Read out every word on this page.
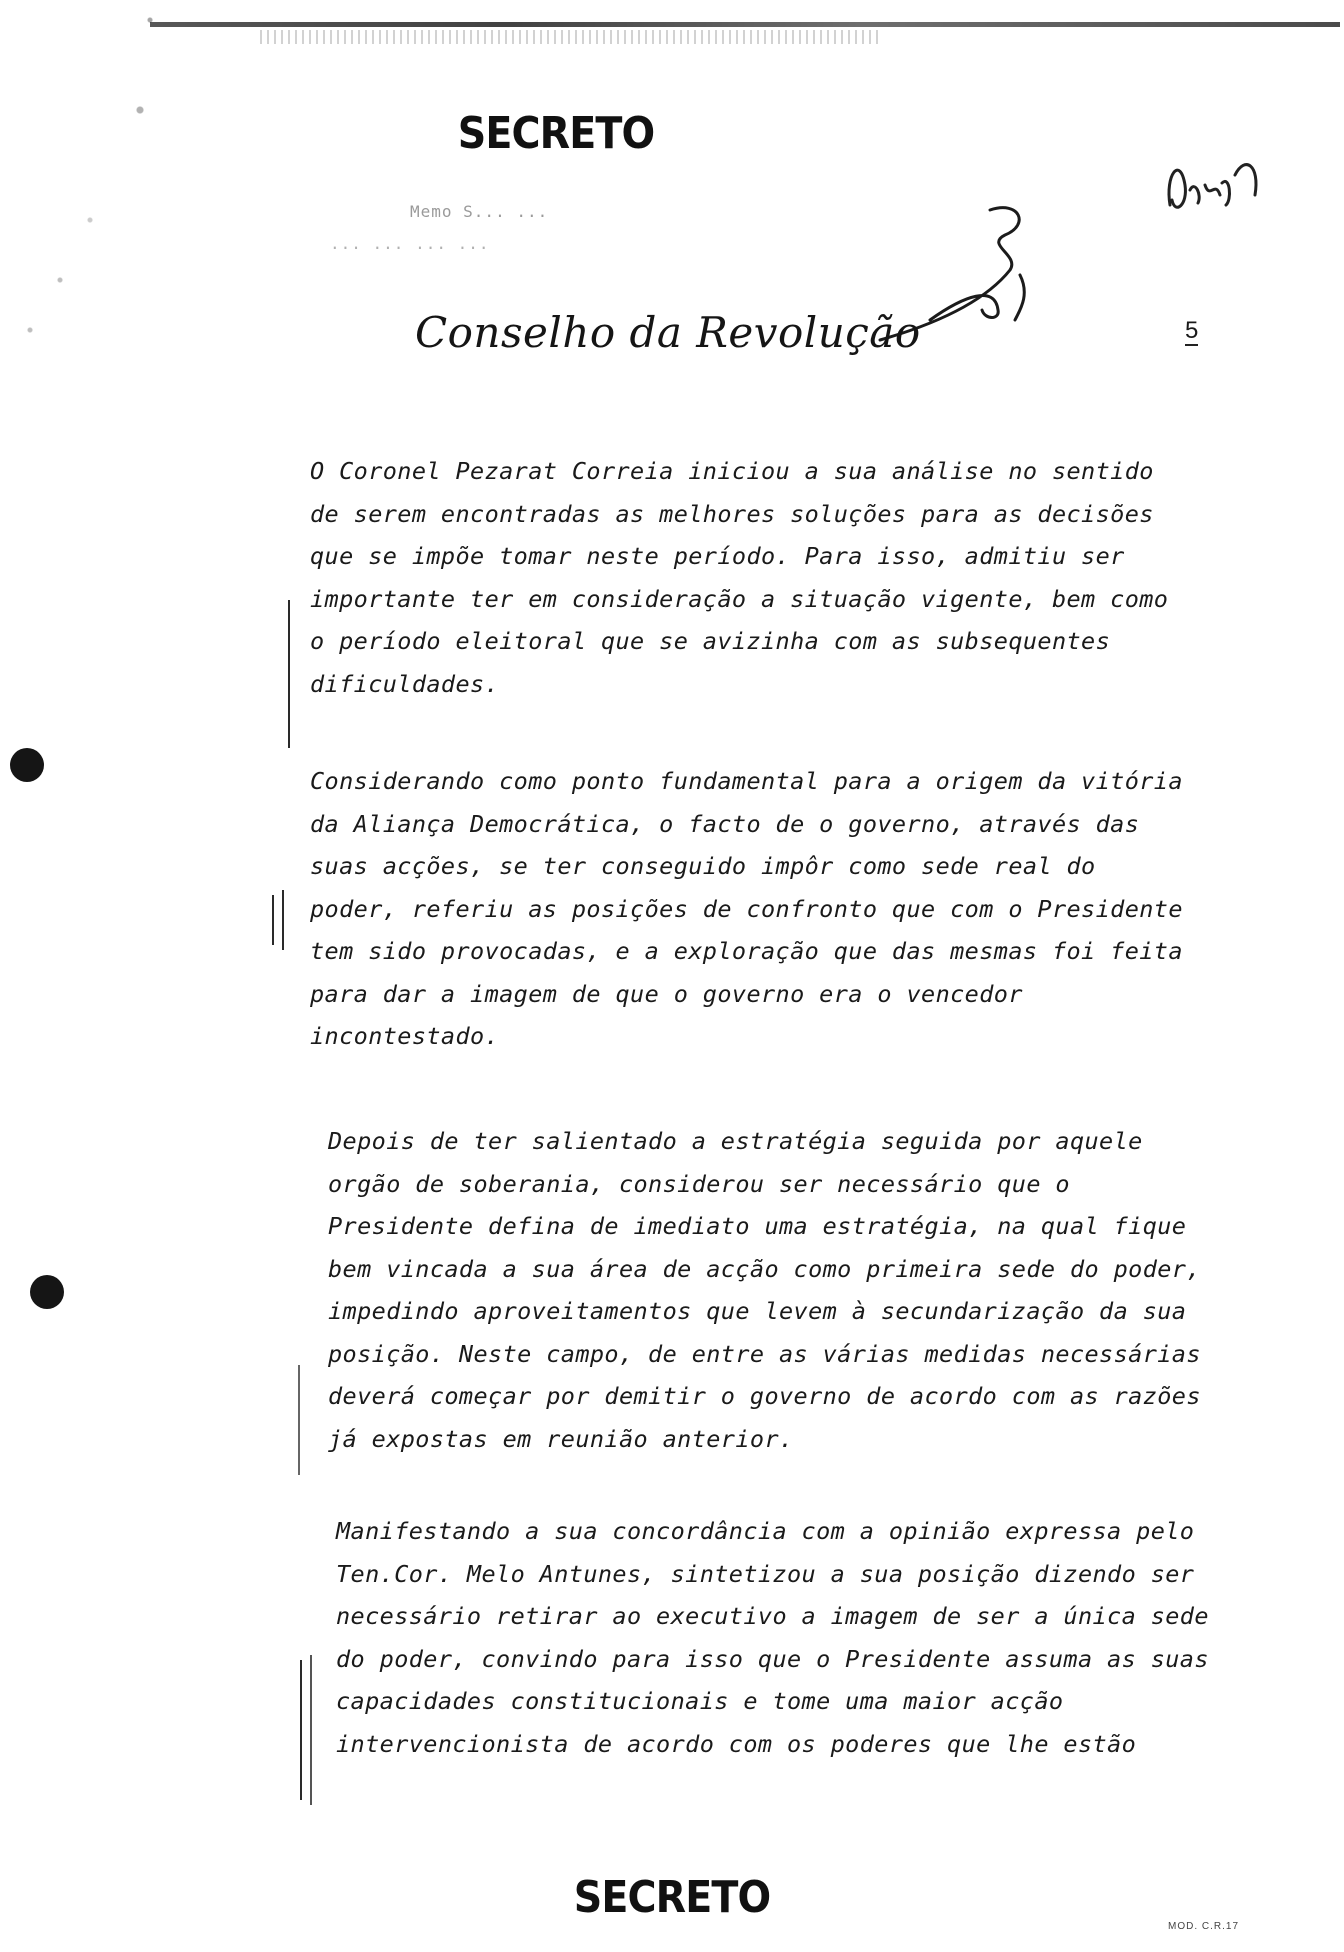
SECRETO
Memo S... ...
... ... ... ...
Conselho da Revolução	5
O Coronel Pezarat Correia iniciou a sua análise no sentido de serem encontradas as melhores soluções para as decisões que se impõe tomar neste período. Para isso, admitiu ser importante ter em consideração a situação vigente, bem como o período eleitoral que se avizinha com as subsequentes dificuldades.
Considerando como ponto fundamental para a origem da vitória da Aliança Democrática, o facto de o governo, através das suas acções, se ter conseguido impôr como sede real do poder, referiu as posições de confronto que com o Presidente tem sido provocadas, e a exploração que das mesmas foi feita para dar a imagem de que o governo era o vencedor incontestado.
Depois de ter salientado a estratégia seguida por aquele orgão de soberania, considerou ser necessário que o Presidente defina de imediato uma estratégia, na qual fique bem vincada a sua área de acção como primeira sede do poder, impedindo aproveitamentos que levem à secundarização da sua posição. Neste campo, de entre as várias medidas necessárias deverá começar por demitir o governo de acordo com as razões já expostas em reunião anterior.
Manifestando a sua concordância com a opinião expressa pelo Ten.Cor. Melo Antunes, sintetizou a sua posição dizendo ser necessário retirar ao executivo a imagem de ser a única sede do poder, convindo para isso que o Presidente assuma as suas capacidades constitucionais e tome uma maior acção intervencionista de acordo com os poderes que lhe estão
SECRETO
MOD. C.R.17
